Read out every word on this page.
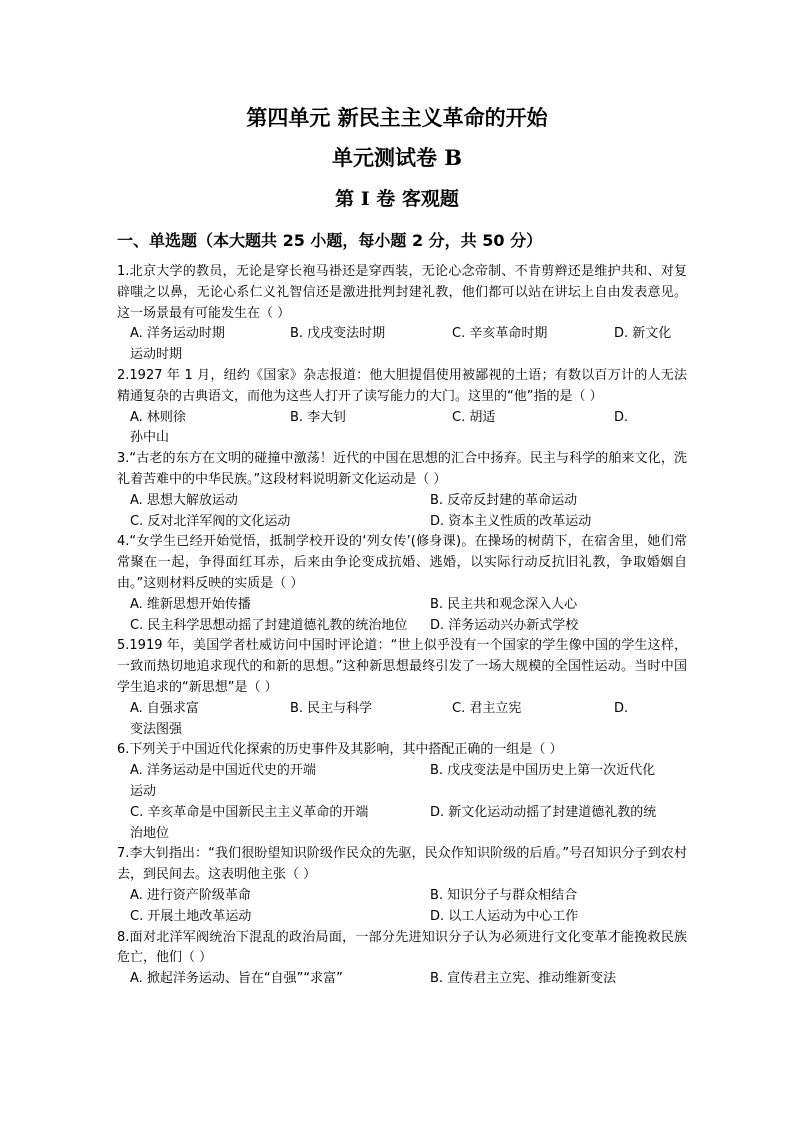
第四单元 新民主主义革命的开始
单元测试卷 B
第 Ⅰ 卷 客观题
一、单选题（本大题共 25 小题，每小题 2 分，共 50 分）

1.北京大学的教员，无论是穿长袍马褂还是穿西装，无论心念帝制、不肯剪辫还是维护共和、对复辟嗤之以鼻，无论心系仁义礼智信还是激进批判封建礼教，他们都可以站在讲坛上自由发表意见。这一场景最有可能发生在（ ）

A. 洋务运动时期	B. 戊戌变法时期	C. 辛亥革命时期	D. 新文化
运动时期

2.1927 年 1 月，纽约《国家》杂志报道：他大胆提倡使用被鄙视的土语；有数以百万计的人无法精通复杂的古典语文，而他为这些人打开了读写能力的大门。这里的“他”指的是（ ）

A. 林则徐	B. 李大钊	C. 胡适	D.
孙中山

3.“古老的东方在文明的碰撞中激荡！近代的中国在思想的汇合中扬弃。民主与科学的舶来文化，洗礼着苦难中的中华民族。”这段材料说明新文化运动是（ ）

A. 思想大解放运动	B. 反帝反封建的革命运动
C. 反对北洋军阀的文化运动	D. 资本主义性质的改革运动

4.“女学生已经开始觉悟，抵制学校开设的‘列女传’(修身课)。在操场的树荫下，在宿舍里，她们常常聚在一起，争得面红耳赤，后来由争论变成抗婚、逃婚，以实际行动反抗旧礼教，争取婚姻自由。”这则材料反映的实质是（ ）

A. 维新思想开始传播	B. 民主共和观念深入人心
C. 民主科学思想动摇了封建道德礼教的统治地位	D. 洋务运动兴办新式学校

5.1919 年，美国学者杜威访问中国时评论道：“世上似乎没有一个国家的学生像中国的学生这样，一致而热切地追求现代的和新的思想。”这种新思想最终引发了一场大规模的全国性运动。当时中国学生追求的“新思想”是（ ）

A. 自强求富	B. 民主与科学	C. 君主立宪	D.
变法图强

6.下列关于中国近代化探索的历史事件及其影响，其中搭配正确的一组是（ ）

A. 洋务运动是中国近代史的开端	B. 戊戌变法是中国历史上第一次近代化
运动
C. 辛亥革命是中国新民主主义革命的开端	D. 新文化运动动摇了封建道德礼教的统
治地位

7.李大钊指出：“我们很盼望知识阶级作民众的先驱，民众作知识阶级的后盾。”号召知识分子到农村去，到民间去。这表明他主张（ ）

A. 进行资产阶级革命	B. 知识分子与群众相结合
C. 开展土地改革运动	D. 以工人运动为中心工作

8.面对北洋军阀统治下混乱的政治局面，一部分先进知识分子认为必须进行文化变革才能挽救民族危亡，他们（ ）

A. 掀起洋务运动、旨在“自强”“求富”	B. 宣传君主立宪、推动维新变法
